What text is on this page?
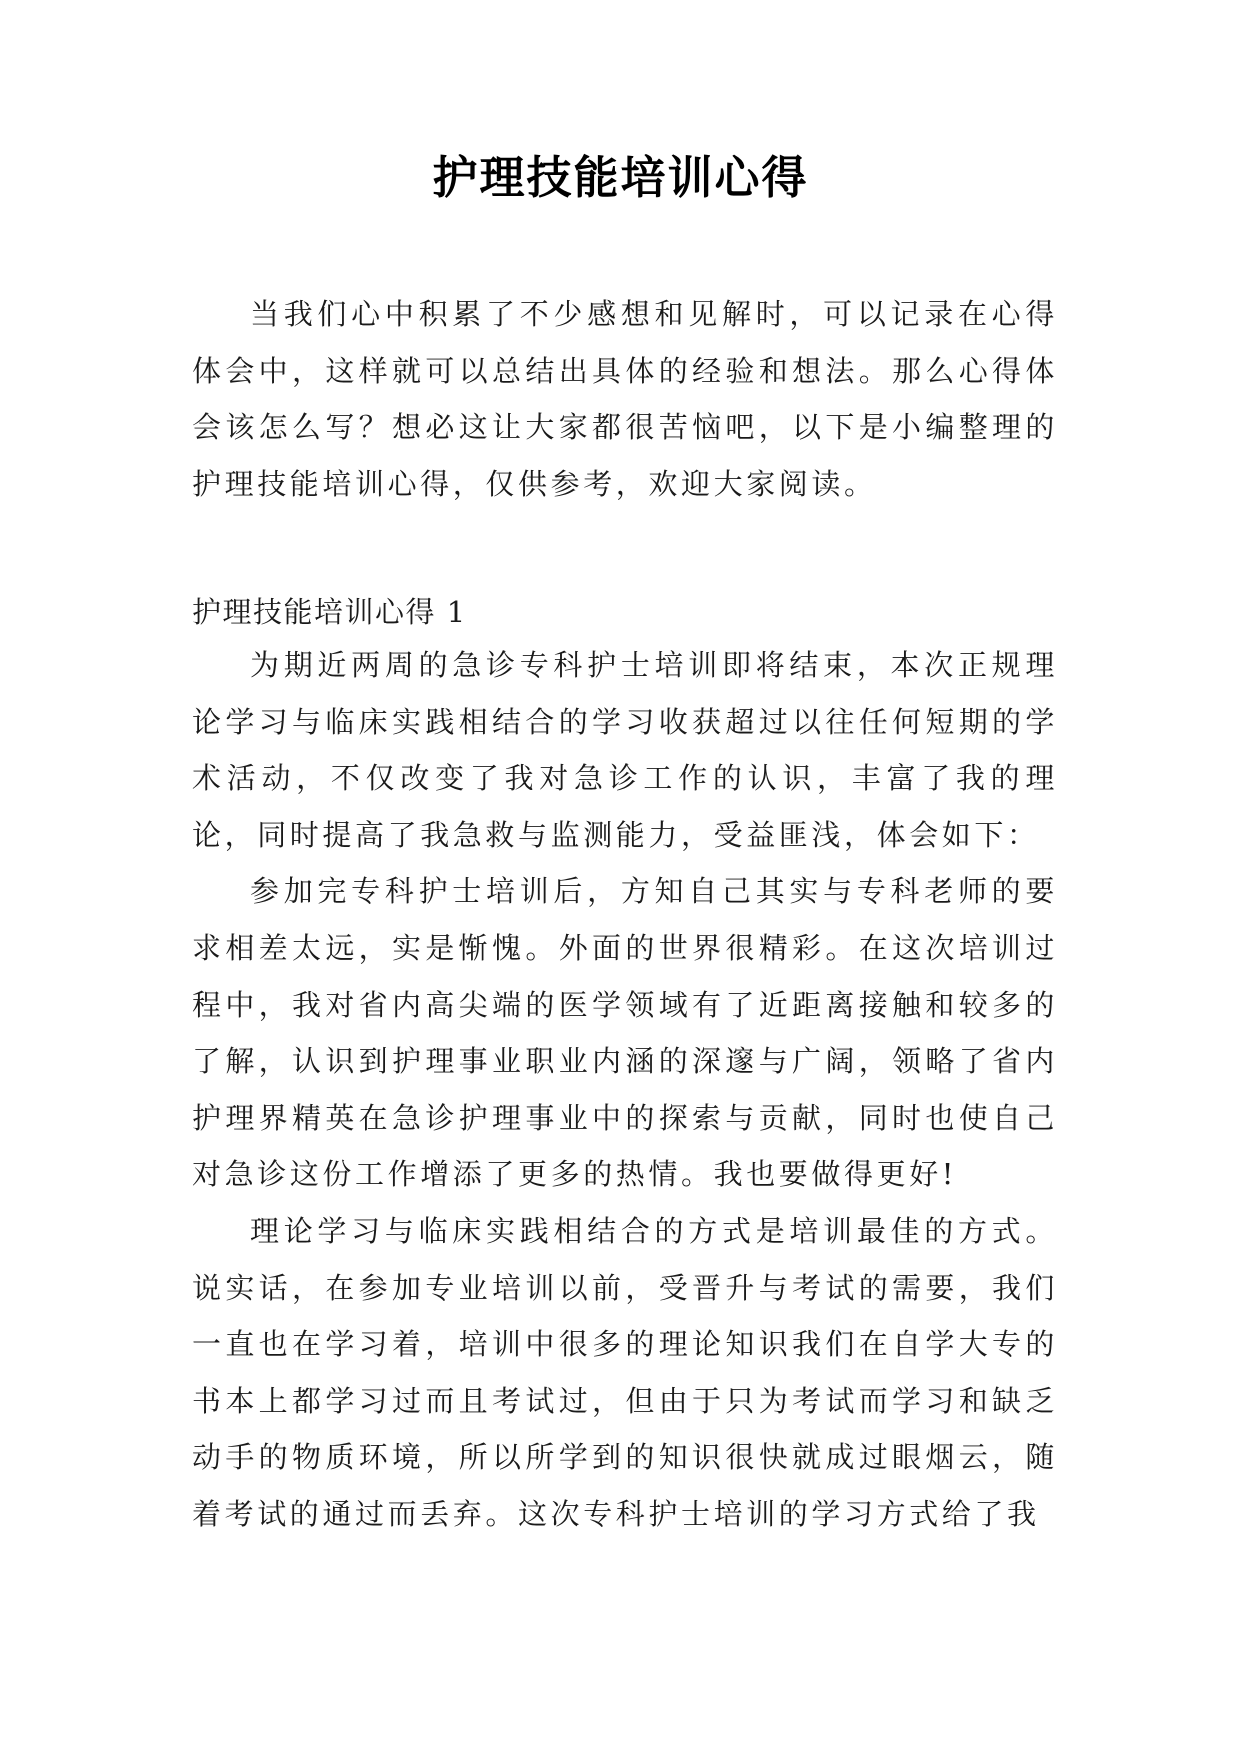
护理技能培训心得

当我们心中积累了不少感想和见解时，可以记录在心得体会中，这样就可以总结出具体的经验和想法。那么心得体会该怎么写？想必这让大家都很苦恼吧，以下是小编整理的护理技能培训心得，仅供参考，欢迎大家阅读。

护理技能培训心得 1

为期近两周的急诊专科护士培训即将结束，本次正规理论学习与临床实践相结合的学习收获超过以往任何短期的学术活动，不仅改变了我对急诊工作的认识，丰富了我的理论，同时提高了我急救与监测能力，受益匪浅，体会如下：

参加完专科护士培训后，方知自己其实与专科老师的要求相差太远，实是惭愧。外面的世界很精彩。在这次培训过程中，我对省内高尖端的医学领域有了近距离接触和较多的了解，认识到护理事业职业内涵的深邃与广阔，领略了省内护理界精英在急诊护理事业中的探索与贡献，同时也使自己对急诊这份工作增添了更多的热情。我也要做得更好!

理论学习与临床实践相结合的方式是培训最佳的方式。说实话，在参加专业培训以前，受晋升与考试的需要，我们一直也在学习着，培训中很多的理论知识我们在自学大专的书本上都学习过而且考试过，但由于只为考试而学习和缺乏动手的物质环境，所以所学到的知识很快就成过眼烟云，随着考试的通过而丢弃。这次专科护士培训的学习方式给了我
